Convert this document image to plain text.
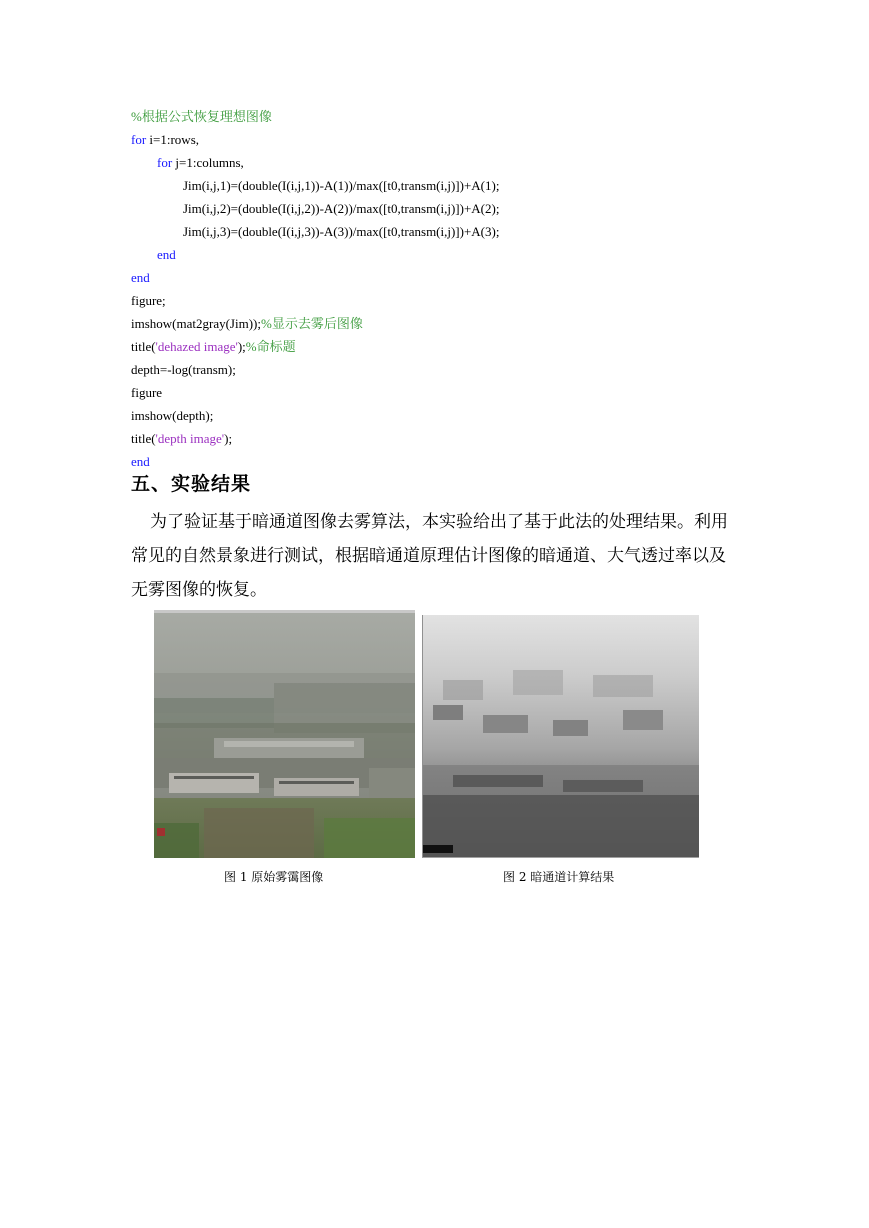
%根据公式恢复理想图像
for i=1:rows,
for j=1:columns,
Jim(i,j,1)=(double(I(i,j,1))-A(1))/max([t0,transm(i,j)])+A(1);
Jim(i,j,2)=(double(I(i,j,2))-A(2))/max([t0,transm(i,j)])+A(2);
Jim(i,j,3)=(double(I(i,j,3))-A(3))/max([t0,transm(i,j)])+A(3);
end
end
figure;
imshow(mat2gray(Jim));%显示去雾后图像
title('dehazed image');%命标题
depth=-log(transm);
figure
imshow(depth);
title('depth image');
end
五、实验结果
为了验证基于暗通道图像去雾算法，本实验给出了基于此法的处理结果。利用常见的自然景象进行测试，根据暗通道原理估计图像的暗通道、大气透过率以及无雾图像的恢复。
图 1 原始雾霭图像	图 2 暗通道计算结果
